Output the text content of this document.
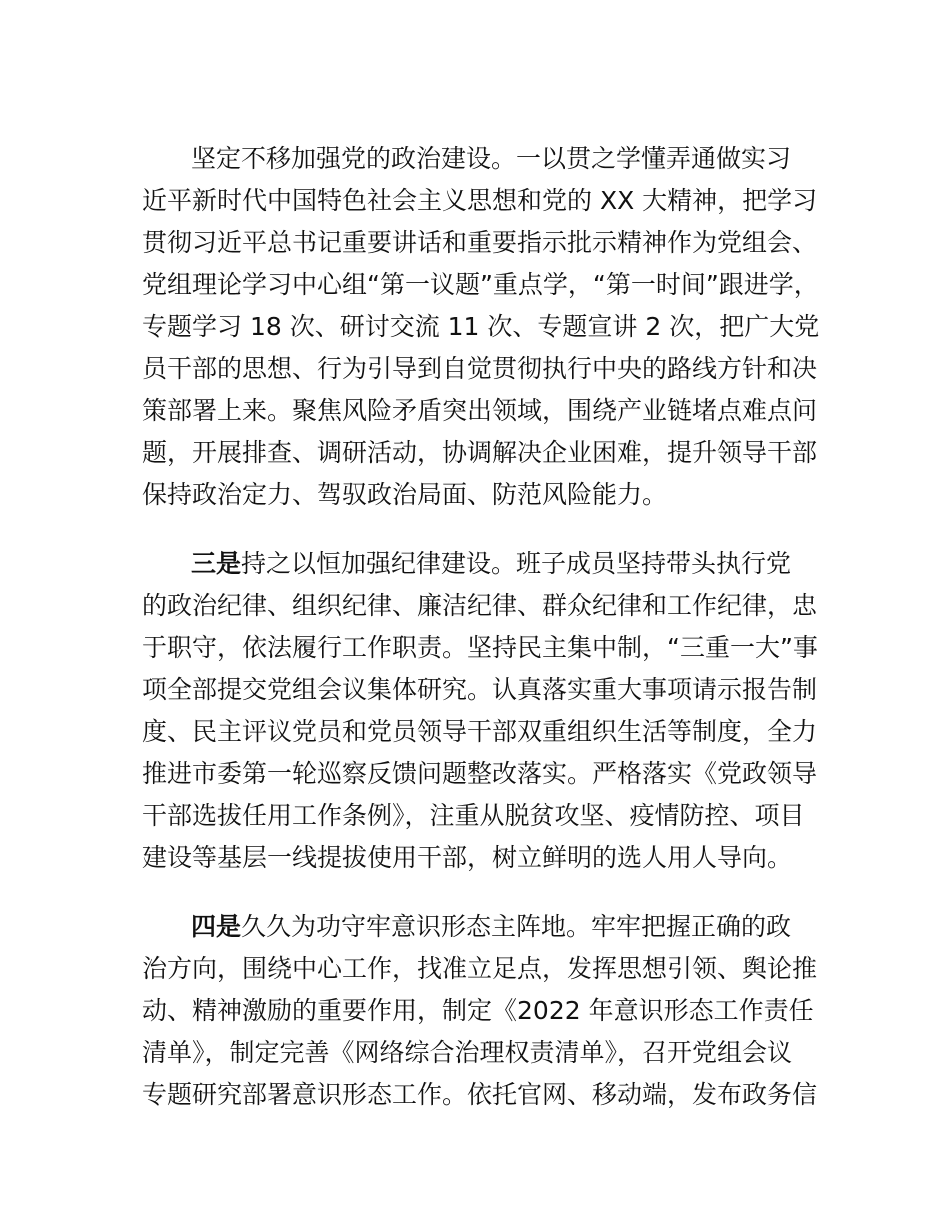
坚定不移加强党的政治建设。一以贯之学懂弄通做实习
近平新时代中国特色社会主义思想和党的 XX 大精神，把学习
贯彻习近平总书记重要讲话和重要指示批示精神作为党组会、
党组理论学习中心组“第一议题”重点学，“第一时间”跟进学，
专题学习 18 次、研讨交流 11 次、专题宣讲 2 次，把广大党
员干部的思想、行为引导到自觉贯彻执行中央的路线方针和决
策部署上来。聚焦风险矛盾突出领域，围绕产业链堵点难点问
题，开展排查、调研活动，协调解决企业困难，提升领导干部
保持政治定力、驾驭政治局面、防范风险能力。
三是持之以恒加强纪律建设。班子成员坚持带头执行党
的政治纪律、组织纪律、廉洁纪律、群众纪律和工作纪律，忠
于职守，依法履行工作职责。坚持民主集中制，“三重一大”事
项全部提交党组会议集体研究。认真落实重大事项请示报告制
度、民主评议党员和党员领导干部双重组织生活等制度，全力
推进市委第一轮巡察反馈问题整改落实。严格落实《党政领导
干部选拔任用工作条例》，注重从脱贫攻坚、疫情防控、项目
建设等基层一线提拔使用干部，树立鲜明的选人用人导向。
四是久久为功守牢意识形态主阵地。牢牢把握正确的政
治方向，围绕中心工作，找准立足点，发挥思想引领、舆论推
动、精神激励的重要作用，制定《2022 年意识形态工作责任
清单》，制定完善《网络综合治理权责清单》，召开党组会议
专题研究部署意识形态工作。依托官网、移动端，发布政务信
